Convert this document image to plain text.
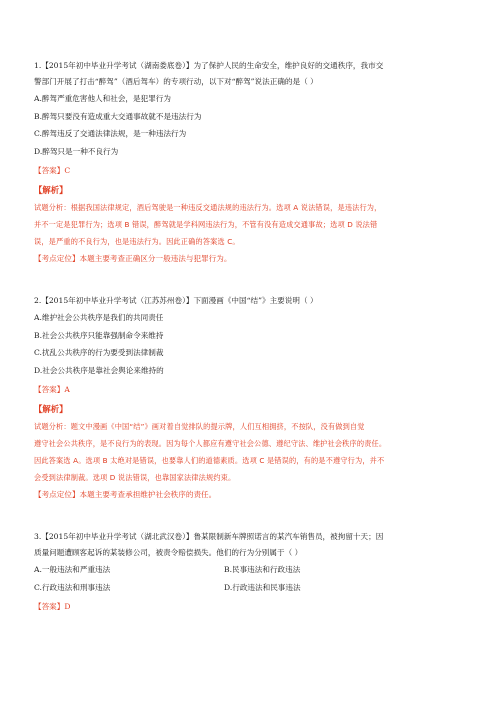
1.【2015年初中毕业升学考试（湖南娄底卷）】为了保护人民的生命安全，维护良好的交通秩序，我市交
警部门开展了打击“醉驾”（酒后驾车）的专项行动，以下对“醉驾”说法正确的是（ ）

A.醉驾严重危害他人和社会，是犯罪行为

B.醉驾只要没有造成重大交通事故就不是违法行为

C.醉驾违反了交通法律法规，是一种违法行为

D.醉驾只是一种不良行为

【答案】C
【解析】
试题分析：根据我国法律规定，酒后驾驶是一种违反交通法规的违法行为。选项 A 说法错误，是违法行为，
并不一定是犯罪行为；选项 B 错误，醉驾就是学科网违法行为，不管有没有造成交通事故；选项 D 说法错
误，是严重的不良行为，也是违法行为。因此正确的答案选 C。
【考点定位】本题主要考查正确区分一般违法与犯罪行为。

2.【2015年初中毕业升学考试（江苏苏州卷）】下面漫画《中国“结”》主要说明（ ）

A.维护社会公共秩序是我们的共同责任

B.社会公共秩序只能靠强制命令来维持

C.扰乱公共秩序的行为要受到法律制裁

D.社会公共秩序是靠社会舆论来维持的

【答案】A
【解析】
试题分析：题文中漫画《中国“结”》画对着自觉排队的提示牌，人们互相拥挤，不按队，没有做到自觉
遵守社会公共秩序，是不良行为的表现。因为每个人都应有遵守社会公德、遵纪守法、维护社会秩序的责任。
因此答案选 A。选项 B 太绝对是错误，也要靠人们的道德素质。选项 C 是错误的，有的是不遵守行为，并不
会受到法律制裁。选项 D 说法错误，也靠国家法律法规约束。
【考点定位】本题主要考查承担维护社会秩序的责任。

3.【2015年初中毕业升学考试（湖北武汉卷）】鲁某限制新车牌照诺言的某汽车销售员，被拘留十天；因
质量问题遭顾客起诉的某装修公司，被责令赔偿损失。他们的行为分别属于（ ）

A.一般违法和严重违法	B.民事违法和行政违法

C.行政违法和刑事违法	D.行政违法和民事违法

【答案】D
